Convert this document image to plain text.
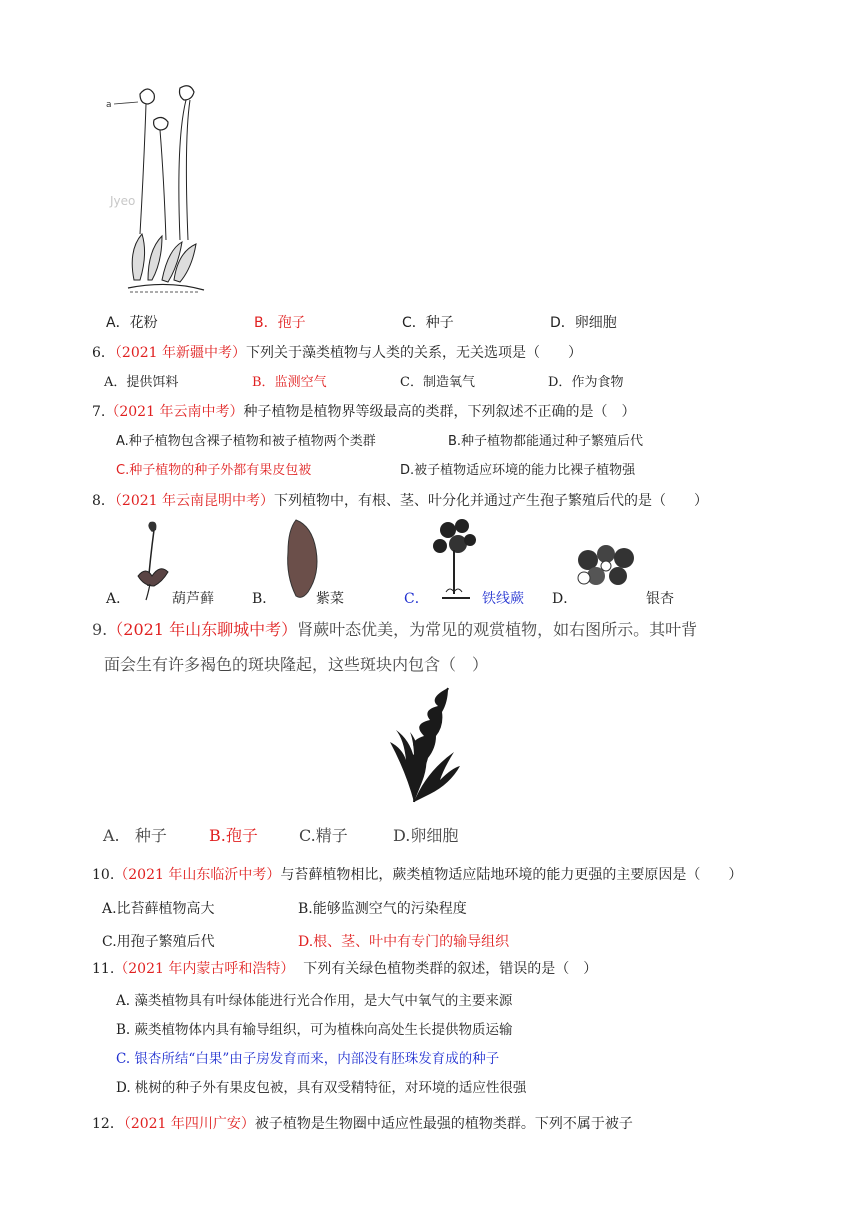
a
Jyeo
A．花粉	B．孢子	C．种子	D．卵细胞
6．（2021 年新疆中考）下列关于藻类植物与人类的关系，无关选项是（　　）
A．提供饵料	B．监测空气	C．制造氧气	D．作为食物
7.（2021 年云南中考）种子植物是植物界等级最高的类群，下列叙述不正确的是（　）
A.种子植物包含裸子植物和被子植物两个类群	B.种子植物都能通过种子繁殖后代
C.种子植物的种子外都有果皮包被	D.被子植物适应环境的能力比裸子植物强
8．（2021 年云南昆明中考）下列植物中，有根、茎、叶分化并通过产生孢子繁殖后代的是（　　）
A．	葫芦藓	B．	紫菜	C．	铁线蕨 D．	银杏
9.（2021 年山东聊城中考）肾蕨叶态优美，为常见的观赏植物，如右图所示。其叶背
面会生有许多褐色的斑块隆起，这些斑块内包含（　）
A. 种子	B.孢子	C.精子	D.卵细胞
10.（2021 年山东临沂中考）与苔藓植物相比，蕨类植物适应陆地环境的能力更强的主要原因是（　　）
A.比苔藓植物高大	B.能够监测空气的污染程度
C.用孢子繁殖后代	D.根、茎、叶中有专门的输导组织
11.（2021 年内蒙古呼和浩特） 下列有关绿色植物类群的叙述，错误的是（　）
A. 藻类植物具有叶绿体能进行光合作用，是大气中氧气的主要来源
B. 蕨类植物体内具有输导组织，可为植株向高处生长提供物质运输
C. 银杏所结“白果”由子房发育而来，内部没有胚珠发育成的种子
D. 桃树的种子外有果皮包被，具有双受精特征，对环境的适应性很强
12．（2021 年四川广安）被子植物是生物圈中适应性最强的植物类群。下列不属于被子
